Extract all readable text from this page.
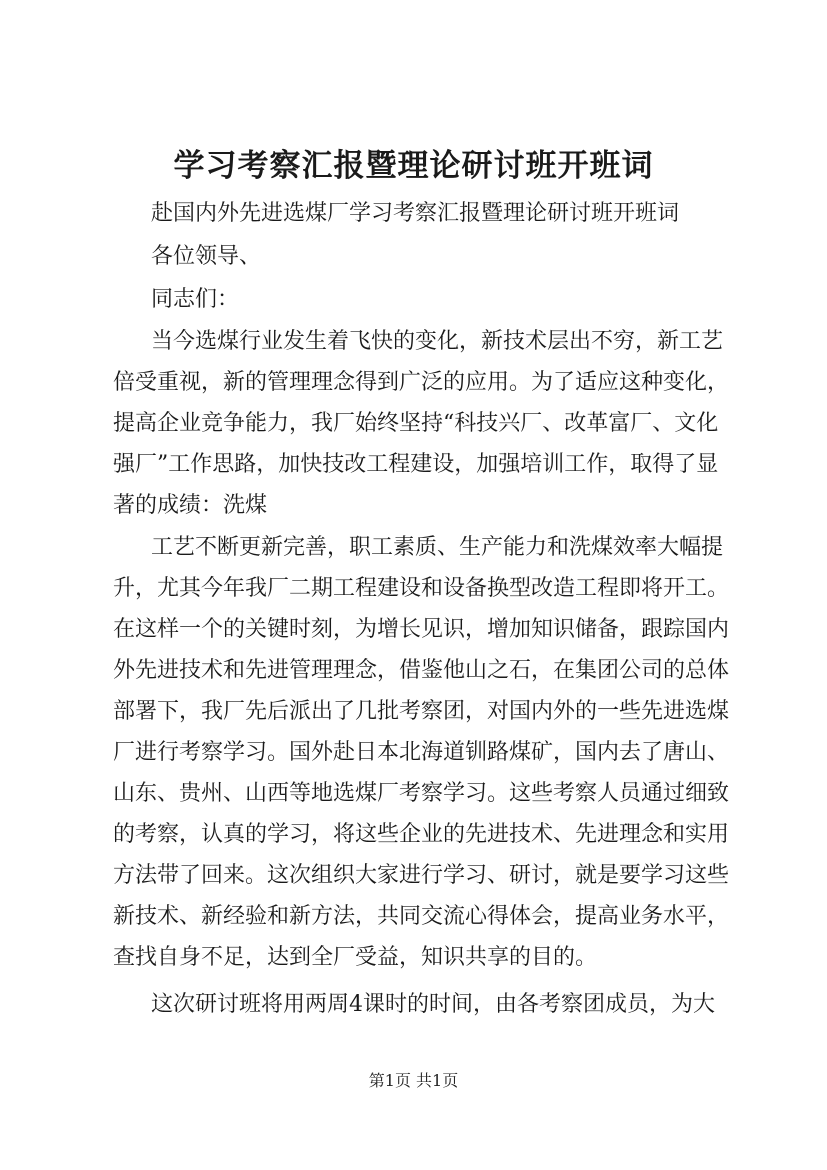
学习考察汇报暨理论研讨班开班词

赴国内外先进选煤厂学习考察汇报暨理论研讨班开班词

各位领导、

同志们：

当今选煤行业发生着飞快的变化，新技术层出不穷，新工艺

倍受重视，新的管理理念得到广泛的应用。为了适应这种变化，

提高企业竞争能力，我厂始终坚持“科技兴厂、改革富厂、文化

强厂”工作思路，加快技改工程建设，加强培训工作，取得了显

著的成绩：洗煤

工艺不断更新完善，职工素质、生产能力和洗煤效率大幅提

升，尤其今年我厂二期工程建设和设备换型改造工程即将开工。

在这样一个的关键时刻，为增长见识，增加知识储备，跟踪国内

外先进技术和先进管理理念，借鉴他山之石，在集团公司的总体

部署下，我厂先后派出了几批考察团，对国内外的一些先进选煤

厂进行考察学习。国外赴日本北海道钏路煤矿，国内去了唐山、

山东、贵州、山西等地选煤厂考察学习。这些考察人员通过细致

的考察，认真的学习，将这些企业的先进技术、先进理念和实用

方法带了回来。这次组织大家进行学习、研讨，就是要学习这些

新技术、新经验和新方法，共同交流心得体会，提高业务水平，

查找自身不足，达到全厂受益，知识共享的目的。

这次研讨班将用两周4课时的时间，由各考察团成员，为大

第1页 共1页
